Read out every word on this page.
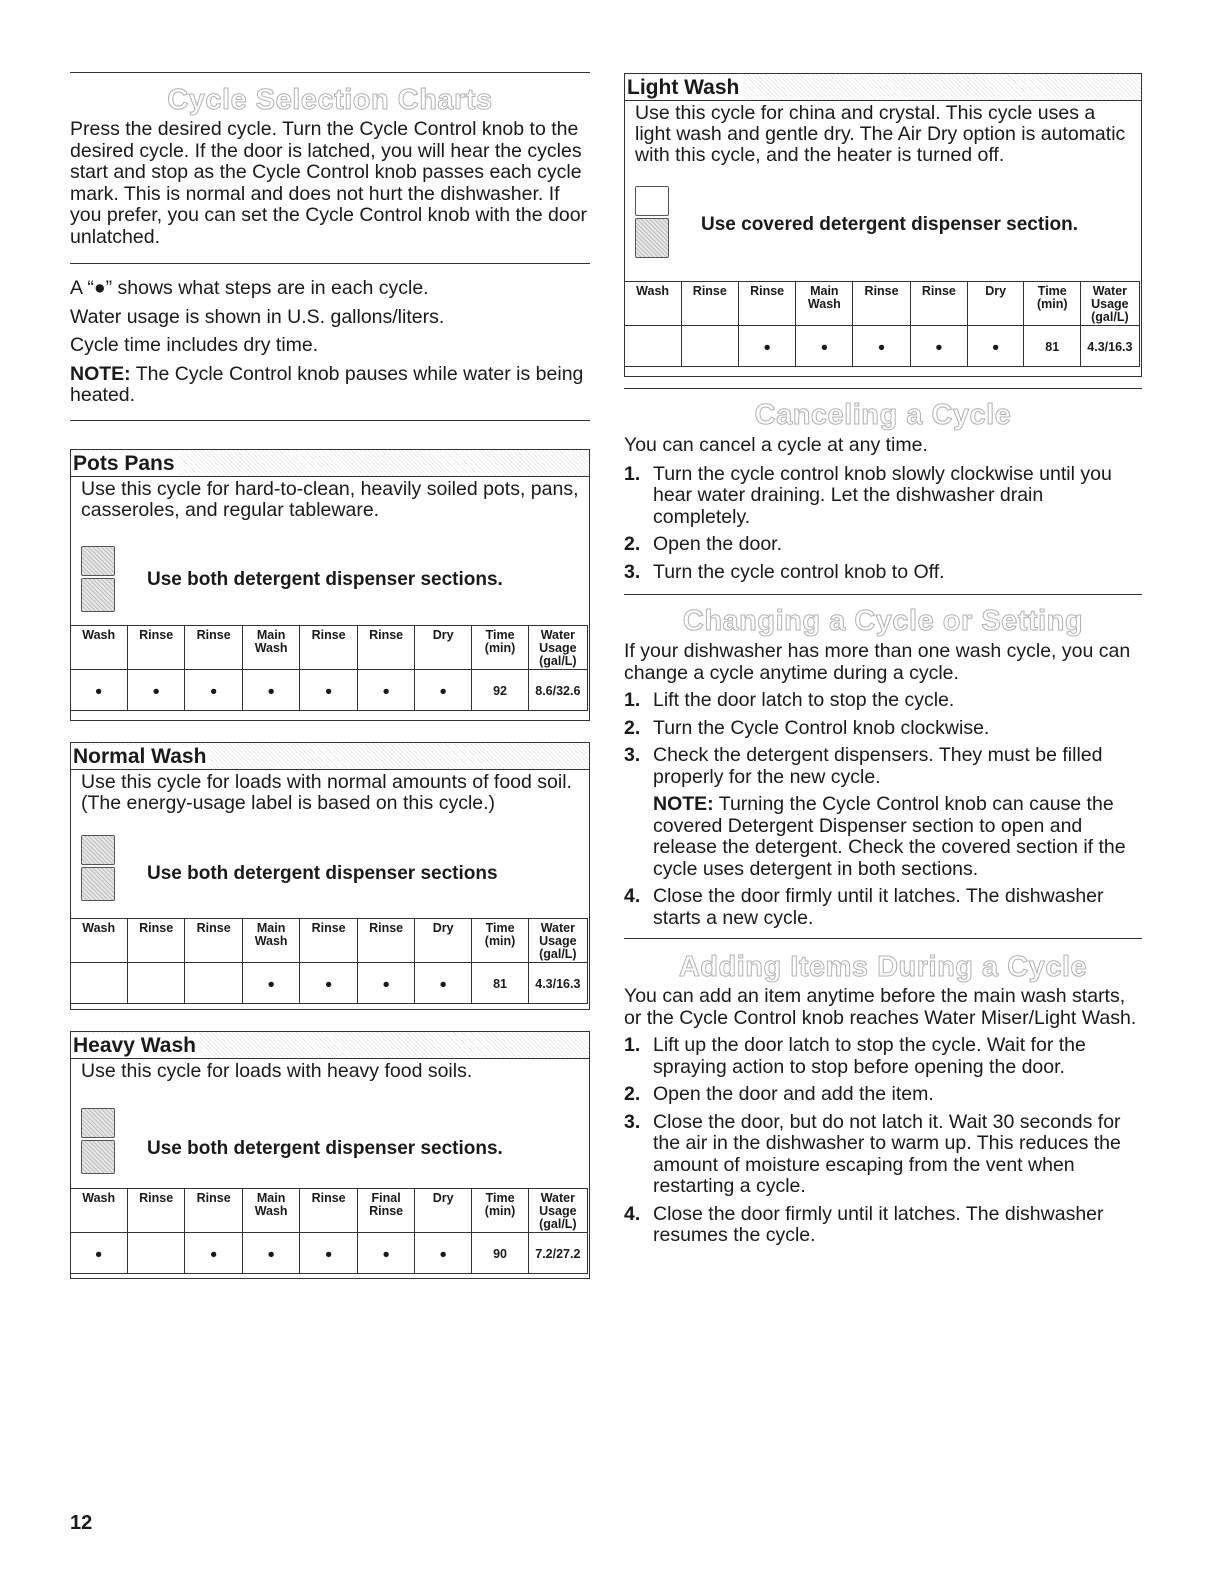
Cycle Selection Charts
Press the desired cycle. Turn the Cycle Control knob to the desired cycle. If the door is latched, you will hear the cycles start and stop as the Cycle Control knob passes each cycle mark. This is normal and does not hurt the dishwasher. If you prefer, you can set the Cycle Control knob with the door unlatched.

A “●” shows what steps are in each cycle.

Water usage is shown in U.S. gallons/liters.

Cycle time includes dry time.

NOTE: The Cycle Control knob pauses while water is being heated.

Pots Pans
Use this cycle for hard-to-clean, heavily soiled pots, pans, casseroles, and regular tableware.
Use both detergent dispenser sections.
Wash	Rinse	Rinse	Main Wash	Rinse	Rinse	Dry	Time (min)	Water Usage (gal/L)
●	●	●	●	●	●	●	92	8.6/32.6
Normal Wash
Use this cycle for loads with normal amounts of food soil. (The energy-usage label is based on this cycle.)
Use both detergent dispenser sections
Wash	Rinse	Rinse	Main Wash	Rinse	Rinse	Dry	Time (min)	Water Usage (gal/L)
			●	●	●	●	81	4.3/16.3
Heavy Wash
Use this cycle for loads with heavy food soils.
Use both detergent dispenser sections.
Wash	Rinse	Rinse	Main Wash	Rinse	Final Rinse	Dry	Time (min)	Water Usage (gal/L)
●		●	●	●	●	●	90	7.2/27.2
Light Wash
Use this cycle for china and crystal. This cycle uses a light wash and gentle dry. The Air Dry option is automatic with this cycle, and the heater is turned off.
Use covered detergent dispenser section.
Wash	Rinse	Rinse	Main Wash	Rinse	Rinse	Dry	Time (min)	Water Usage (gal/L)
		●	●	●	●	●	81	4.3/16.3
Canceling a Cycle

You can cancel a cycle at any time.

1. Turn the cycle control knob slowly clockwise until you hear water draining. Let the dishwasher drain completely.
2. Open the door.
3. Turn the cycle control knob to Off.
Changing a Cycle or Setting

If your dishwasher has more than one wash cycle, you can change a cycle anytime during a cycle.

1. Lift the door latch to stop the cycle.
2. Turn the Cycle Control knob clockwise.
3. Check the detergent dispensers. They must be filled properly for the new cycle.
NOTE: Turning the Cycle Control knob can cause the covered Detergent Dispenser section to open and release the detergent. Check the covered section if the cycle uses detergent in both sections.
4. Close the door firmly until it latches. The dishwasher starts a new cycle.
Adding Items During a Cycle

You can add an item anytime before the main wash starts, or the Cycle Control knob reaches Water Miser/Light Wash.

1. Lift up the door latch to stop the cycle. Wait for the spraying action to stop before opening the door.
2. Open the door and add the item.
3. Close the door, but do not latch it. Wait 30 seconds for the air in the dishwasher to warm up. This reduces the amount of moisture escaping from the vent when restarting a cycle.
4. Close the door firmly until it latches. The dishwasher resumes the cycle.
12
